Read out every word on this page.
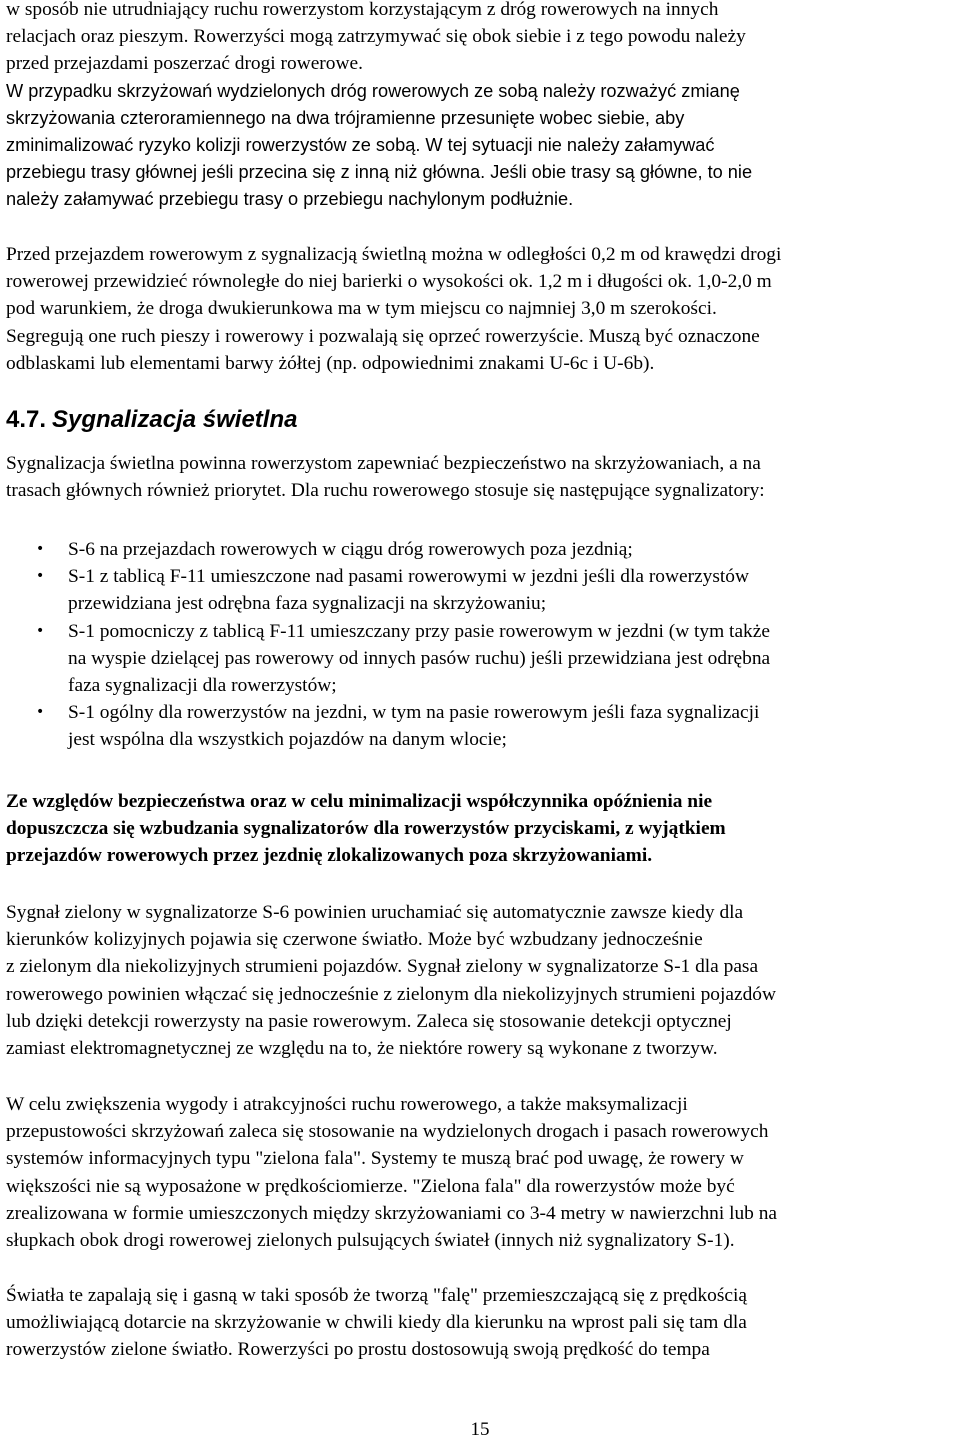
w sposób nie utrudniający ruchu rowerzystom korzystającym z dróg rowerowych na innych
relacjach oraz pieszym. Rowerzyści mogą zatrzymywać się obok siebie i z tego powodu należy
przed przejazdami poszerzać drogi rowerowe.
W przypadku skrzyżowań wydzielonych dróg rowerowych ze sobą należy rozważyć zmianę
skrzyżowania czteroramiennego na dwa trójramienne przesunięte wobec siebie, aby
zminimalizować ryzyko kolizji rowerzystów ze sobą. W tej sytuacji nie należy załamywać
przebiegu trasy głównej jeśli przecina się z inną niż główna. Jeśli obie trasy są główne, to nie
należy załamywać przebiegu trasy o przebiegu nachylonym podłużnie.
Przed przejazdem rowerowym z sygnalizacją świetlną można w odległości 0,2 m od krawędzi drogi
rowerowej przewidzieć równoległe do niej barierki o wysokości ok. 1,2 m i długości ok. 1,0-2,0 m
pod warunkiem, że droga dwukierunkowa ma w tym miejscu co najmniej 3,0 m szerokości.
Segregują one ruch pieszy i rowerowy i pozwalają się oprzeć rowerzyście. Muszą być oznaczone
odblaskami lub elementami barwy żółtej (np. odpowiednimi znakami U-6c i U-6b).
4.7. Sygnalizacja świetlna
Sygnalizacja świetlna powinna rowerzystom zapewniać bezpieczeństwo na skrzyżowaniach, a na
trasach głównych również priorytet. Dla ruchu rowerowego stosuje się następujące sygnalizatory:
• S-6 na przejazdach rowerowych w ciągu dróg rowerowych poza jezdnią;
• S-1 z tablicą F-11 umieszczone nad pasami rowerowymi w jezdni jeśli dla rowerzystów
przewidziana jest odrębna faza sygnalizacji na skrzyżowaniu;
• S-1 pomocniczy z tablicą F-11 umieszczany przy pasie rowerowym w jezdni (w tym także
na wyspie dzielącej pas rowerowy od innych pasów ruchu) jeśli przewidziana jest odrębna
faza sygnalizacji dla rowerzystów;
• S-1 ogólny dla rowerzystów na jezdni, w tym na pasie rowerowym jeśli faza sygnalizacji
jest wspólna dla wszystkich pojazdów na danym wlocie;
Ze względów bezpieczeństwa oraz w celu minimalizacji współczynnika opóźnienia nie
dopuszczcza się wzbudzania sygnalizatorów dla rowerzystów przyciskami, z wyjątkiem
przejazdów rowerowych przez jezdnię zlokalizowanych poza skrzyżowaniami.
Sygnał zielony w sygnalizatorze S-6 powinien uruchamiać się automatycznie zawsze kiedy dla
kierunków kolizyjnych pojawia się czerwone światło. Może być wzbudzany jednocześnie
z zielonym dla niekolizyjnych strumieni pojazdów. Sygnał zielony w sygnalizatorze S-1 dla pasa
rowerowego powinien włączać się jednocześnie z zielonym dla niekolizyjnych strumieni pojazdów
lub dzięki detekcji rowerzysty na pasie rowerowym. Zaleca się stosowanie detekcji optycznej
zamiast elektromagnetycznej ze względu na to, że niektóre rowery są wykonane z tworzyw.
W celu zwiększenia wygody i atrakcyjności ruchu rowerowego, a także maksymalizacji
przepustowości skrzyżowań zaleca się stosowanie na wydzielonych drogach i pasach rowerowych
systemów informacyjnych typu "zielona fala". Systemy te muszą brać pod uwagę, że rowery w
większości nie są wyposażone w prędkościomierze. "Zielona fala" dla rowerzystów może być
zrealizowana w formie umieszczonych między skrzyżowaniami co 3-4 metry w nawierzchni lub na
słupkach obok drogi rowerowej zielonych pulsujących świateł (innych niż sygnalizatory S-1).
Światła te zapalają się i gasną w taki sposób że tworzą "falę" przemieszczającą się z prędkością
umożliwiającą dotarcie na skrzyżowanie w chwili kiedy dla kierunku na wprost pali się tam dla
rowerzystów zielone światło. Rowerzyści po prostu dostosowują swoją prędkość do tempa
15
